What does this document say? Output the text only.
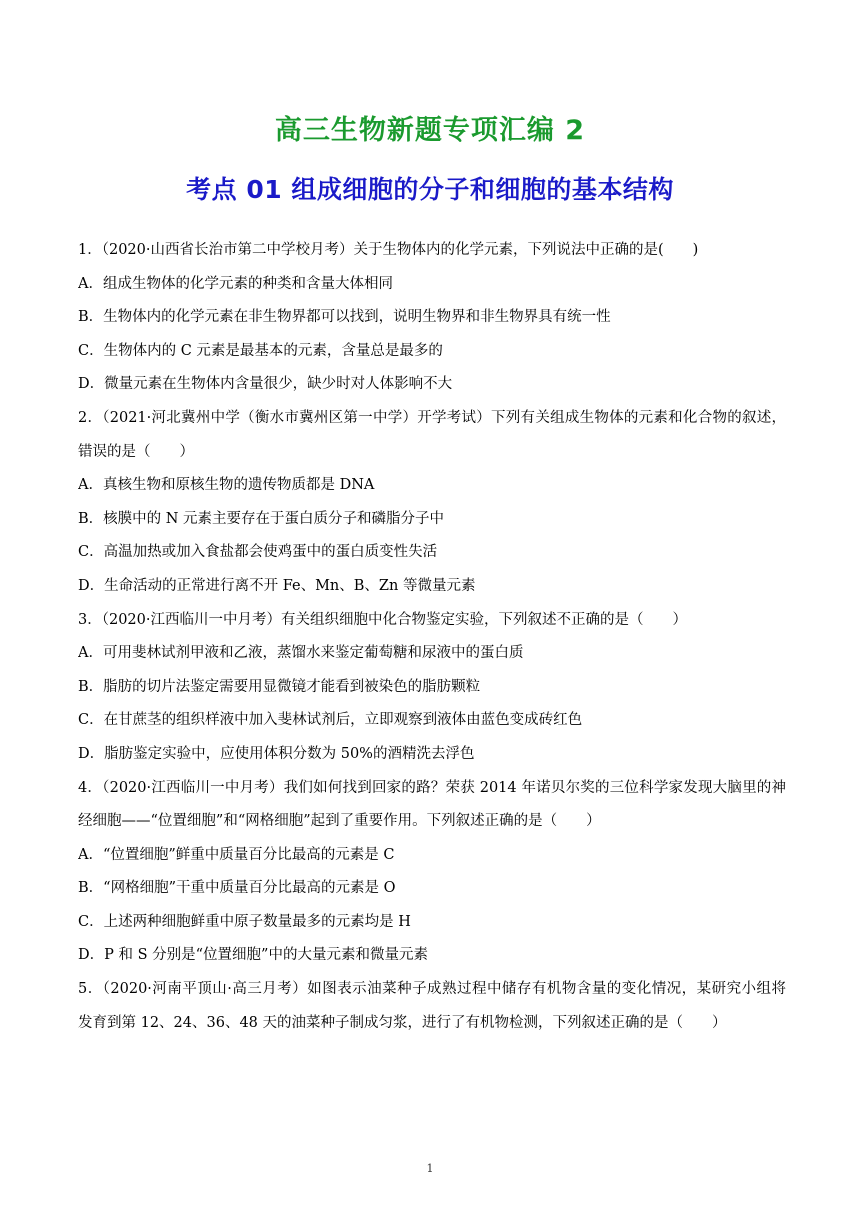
高三生物新题专项汇编 2
考点 01 组成细胞的分子和细胞的基本结构
1．（2020·山西省长治市第二中学校月考）关于生物体内的化学元素，下列说法中正确的是(　　)
A．组成生物体的化学元素的种类和含量大体相同
B．生物体内的化学元素在非生物界都可以找到，说明生物界和非生物界具有统一性
C．生物体内的 C 元素是最基本的元素，含量总是最多的
D．微量元素在生物体内含量很少，缺少时对人体影响不大
2．（2021·河北冀州中学（衡水市冀州区第一中学）开学考试）下列有关组成生物体的元素和化合物的叙述，
错误的是（　　）
A．真核生物和原核生物的遗传物质都是 DNA
B．核膜中的 N 元素主要存在于蛋白质分子和磷脂分子中
C．高温加热或加入食盐都会使鸡蛋中的蛋白质变性失活
D．生命活动的正常进行离不开 Fe、Mn、B、Zn 等微量元素
3．（2020·江西临川一中月考）有关组织细胞中化合物鉴定实验，下列叙述不正确的是（　　）
A．可用斐林试剂甲液和乙液，蒸馏水来鉴定葡萄糖和尿液中的蛋白质
B．脂肪的切片法鉴定需要用显微镜才能看到被染色的脂肪颗粒
C．在甘蔗茎的组织样液中加入斐林试剂后，立即观察到液体由蓝色变成砖红色
D．脂肪鉴定实验中，应使用体积分数为 50%的酒精洗去浮色
4．（2020·江西临川一中月考）我们如何找到回家的路？荣获 2014 年诺贝尔奖的三位科学家发现大脑里的神
经细胞——“位置细胞”和“网格细胞”起到了重要作用。下列叙述正确的是（　　）
A．“位置细胞”鲜重中质量百分比最高的元素是 C
B．“网格细胞”干重中质量百分比最高的元素是 O
C．上述两种细胞鲜重中原子数量最多的元素均是 H
D．P 和 S 分别是“位置细胞”中的大量元素和微量元素
5．（2020·河南平顶山·高三月考）如图表示油菜种子成熟过程中储存有机物含量的变化情况，某研究小组将
发育到第 12、24、36、48 天的油菜种子制成匀浆，进行了有机物检测，下列叙述正确的是（　　）
1
